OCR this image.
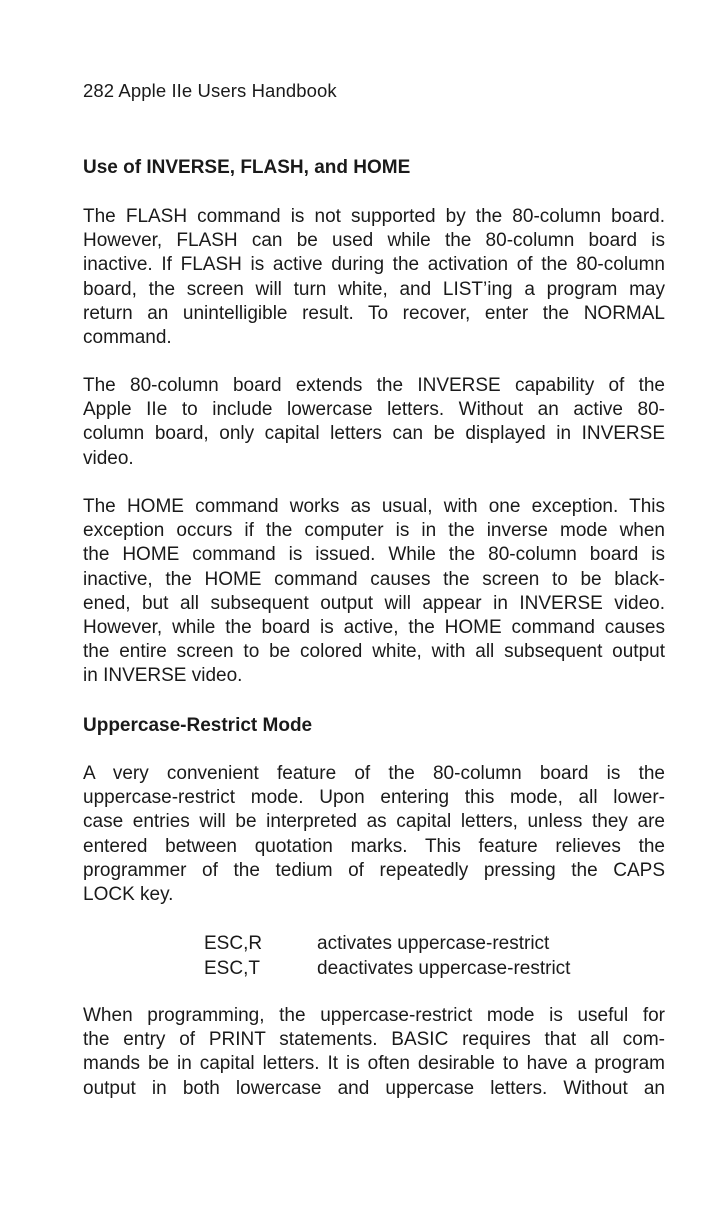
282 Apple IIe Users Handbook
Use of INVERSE, FLASH, and HOME
The FLASH command is not supported by the 80-column board.
However, FLASH can be used while the 80-column board is
inactive. If FLASH is active during the activation of the 80-column
board, the screen will turn white, and LIST’ing a program may
return an unintelligible result. To recover, enter the NORMAL
command.
The 80-column board extends the INVERSE capability of the
Apple IIe to include lowercase letters. Without an active 80-
column board, only capital letters can be displayed in INVERSE
video.
The HOME command works as usual, with one exception. This
exception occurs if the computer is in the inverse mode when
the HOME command is issued. While the 80-column board is
inactive, the HOME command causes the screen to be black-
ened, but all subsequent output will appear in INVERSE video.
However, while the board is active, the HOME command causes
the entire screen to be colored white, with all subsequent output
in INVERSE video.
Uppercase-Restrict Mode
A very convenient feature of the 80-column board is the
uppercase-restrict mode. Upon entering this mode, all lower-
case entries will be interpreted as capital letters, unless they are
entered between quotation marks. This feature relieves the
programmer of the tedium of repeatedly pressing the CAPS
LOCK key.
ESC,R	activates uppercase-restrict
ESC,T	deactivates uppercase-restrict
When programming, the uppercase-restrict mode is useful for
the entry of PRINT statements. BASIC requires that all com-
mands be in capital letters. It is often desirable to have a program
output in both lowercase and uppercase letters. Without an
